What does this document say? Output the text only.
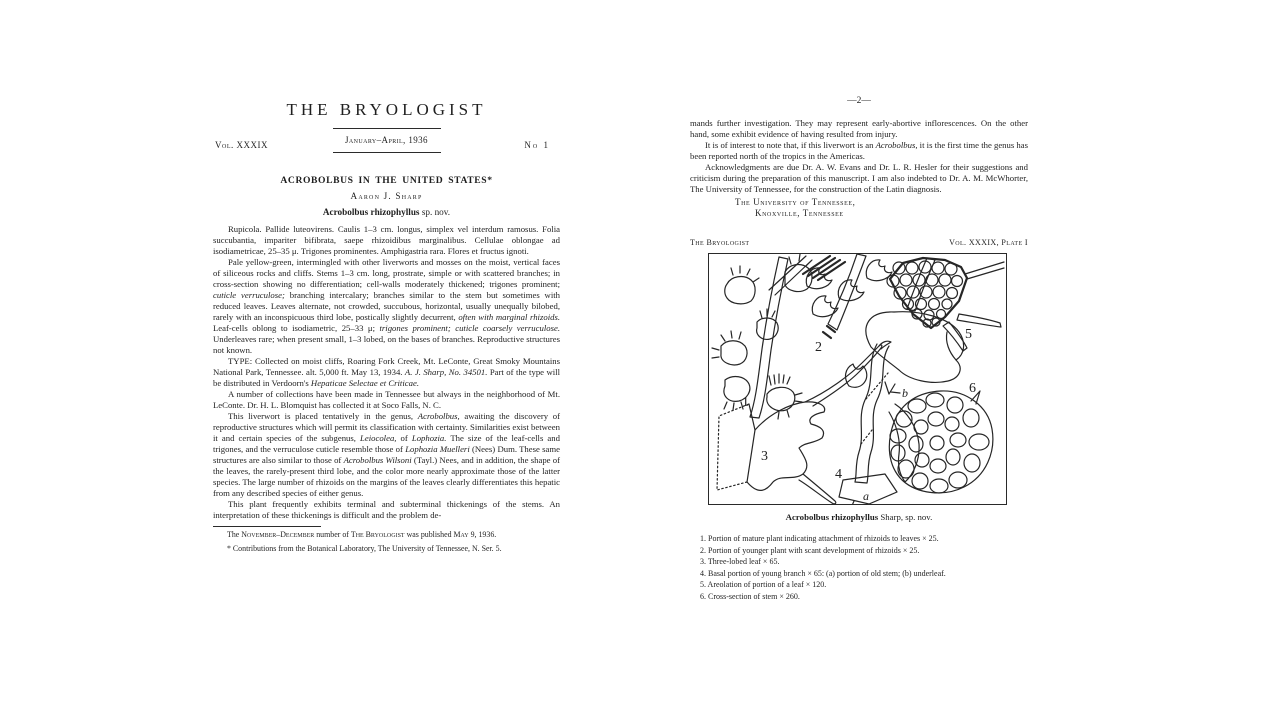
THE BRYOLOGIST
Vol. XXXIX	January–April, 1936	No 1
ACROBOLBUS IN THE UNITED STATES*
Aaron J. Sharp
Acrobolbus rhizophyllus sp. nov.

Rupicola. Pallide luteovirens. Caulis 1–3 cm. longus, simplex vel interdum ramosus. Folia succubantia, impariter bifibrata, saepe rhizoidibus marginalibus. Cellulae oblongae ad isodiametricae, 25–35 μ. Trigones prominentes. Amphigastria rara. Flores et fructus ignoti.

Pale yellow-green, intermingled with other liverworts and mosses on the moist, vertical faces of siliceous rocks and cliffs. Stems 1–3 cm. long, prostrate, simple or with scattered branches; in cross-section showing no differentiation; cell-walls moderately thickened; trigones prominent; cuticle verruculose; branching intercalary; branches similar to the stem but sometimes with reduced leaves. Leaves alternate, not crowded, succubous, horizontal, usually unequally bilobed, rarely with an inconspicuous third lobe, postically slightly decurrent, often with marginal rhizoids. Leaf-cells oblong to isodiametric, 25–33 μ; trigones prominent; cuticle coarsely verruculose. Underleaves rare; when present small, 1–3 lobed, on the bases of branches. Reproductive structures not known.

TYPE: Collected on moist cliffs, Roaring Fork Creek, Mt. LeConte, Great Smoky Mountains National Park, Tennessee. alt. 5,000 ft. May 13, 1934. A. J. Sharp, No. 34501. Part of the type will be distributed in Verdoorn's Hepaticae Selectae et Criticae.

A number of collections have been made in Tennessee but always in the neighborhood of Mt. LeConte. Dr. H. L. Blomquist has collected it at Soco Falls, N. C.

This liverwort is placed tentatively in the genus, Acrobolbus, awaiting the discovery of reproductive structures which will permit its classification with certainty. Similarities exist between it and certain species of the subgenus, Leiocolea, of Lophozia. The size of the leaf-cells and trigones, and the verruculose cuticle resemble those of Lophozia Muelleri (Nees) Dum. These same structures are also similar to those of Acrobolbus Wilsoni (Tayl.) Nees, and in addition, the shape of the leaves, the rarely-present third lobe, and the color more nearly approximate those of the latter species. The large number of rhizoids on the margins of the leaves clearly differentiates this hepatic from any described species of either genus.

This plant frequently exhibits terminal and subterminal thickenings of the stems. An interpretation of these thickenings is difficult and the problem de-

The November–December number of The Bryologist was published May 9, 1936.
* Contributions from the Botanical Laboratory, The University of Tennessee, N. Ser. 5.

—2—

mands further investigation. They may represent early-abortive inflorescences. On the other hand, some exhibit evidence of having resulted from injury.

It is of interest to note that, if this liverwort is an Acrobolbus, it is the first time the genus has been reported north of the tropics in the Americas.

Acknowledgments are due Dr. A. W. Evans and Dr. L. R. Hesler for their suggestions and criticism during the preparation of this manuscript. I am also indebted to Dr. A. M. McWhorter, The University of Tennessee, for the construction of the Latin diagnosis.

The University of Tennessee,
Knoxville, Tennessee
The Bryologist	Vol. XXXIX, Plate I
1
2
5
3
4
a
b	6
Acrobolbus rhizophyllus Sharp, sp. nov.
1. Portion of mature plant indicating attachment of rhizoids to leaves × 25.
2. Portion of younger plant with scant development of rhizoids × 25.
3. Three-lobed leaf × 65.
4. Basal portion of young branch × 65: (a) portion of old stem; (b) underleaf.
5. Areolation of portion of a leaf × 120.
6. Cross-section of stem × 260.
